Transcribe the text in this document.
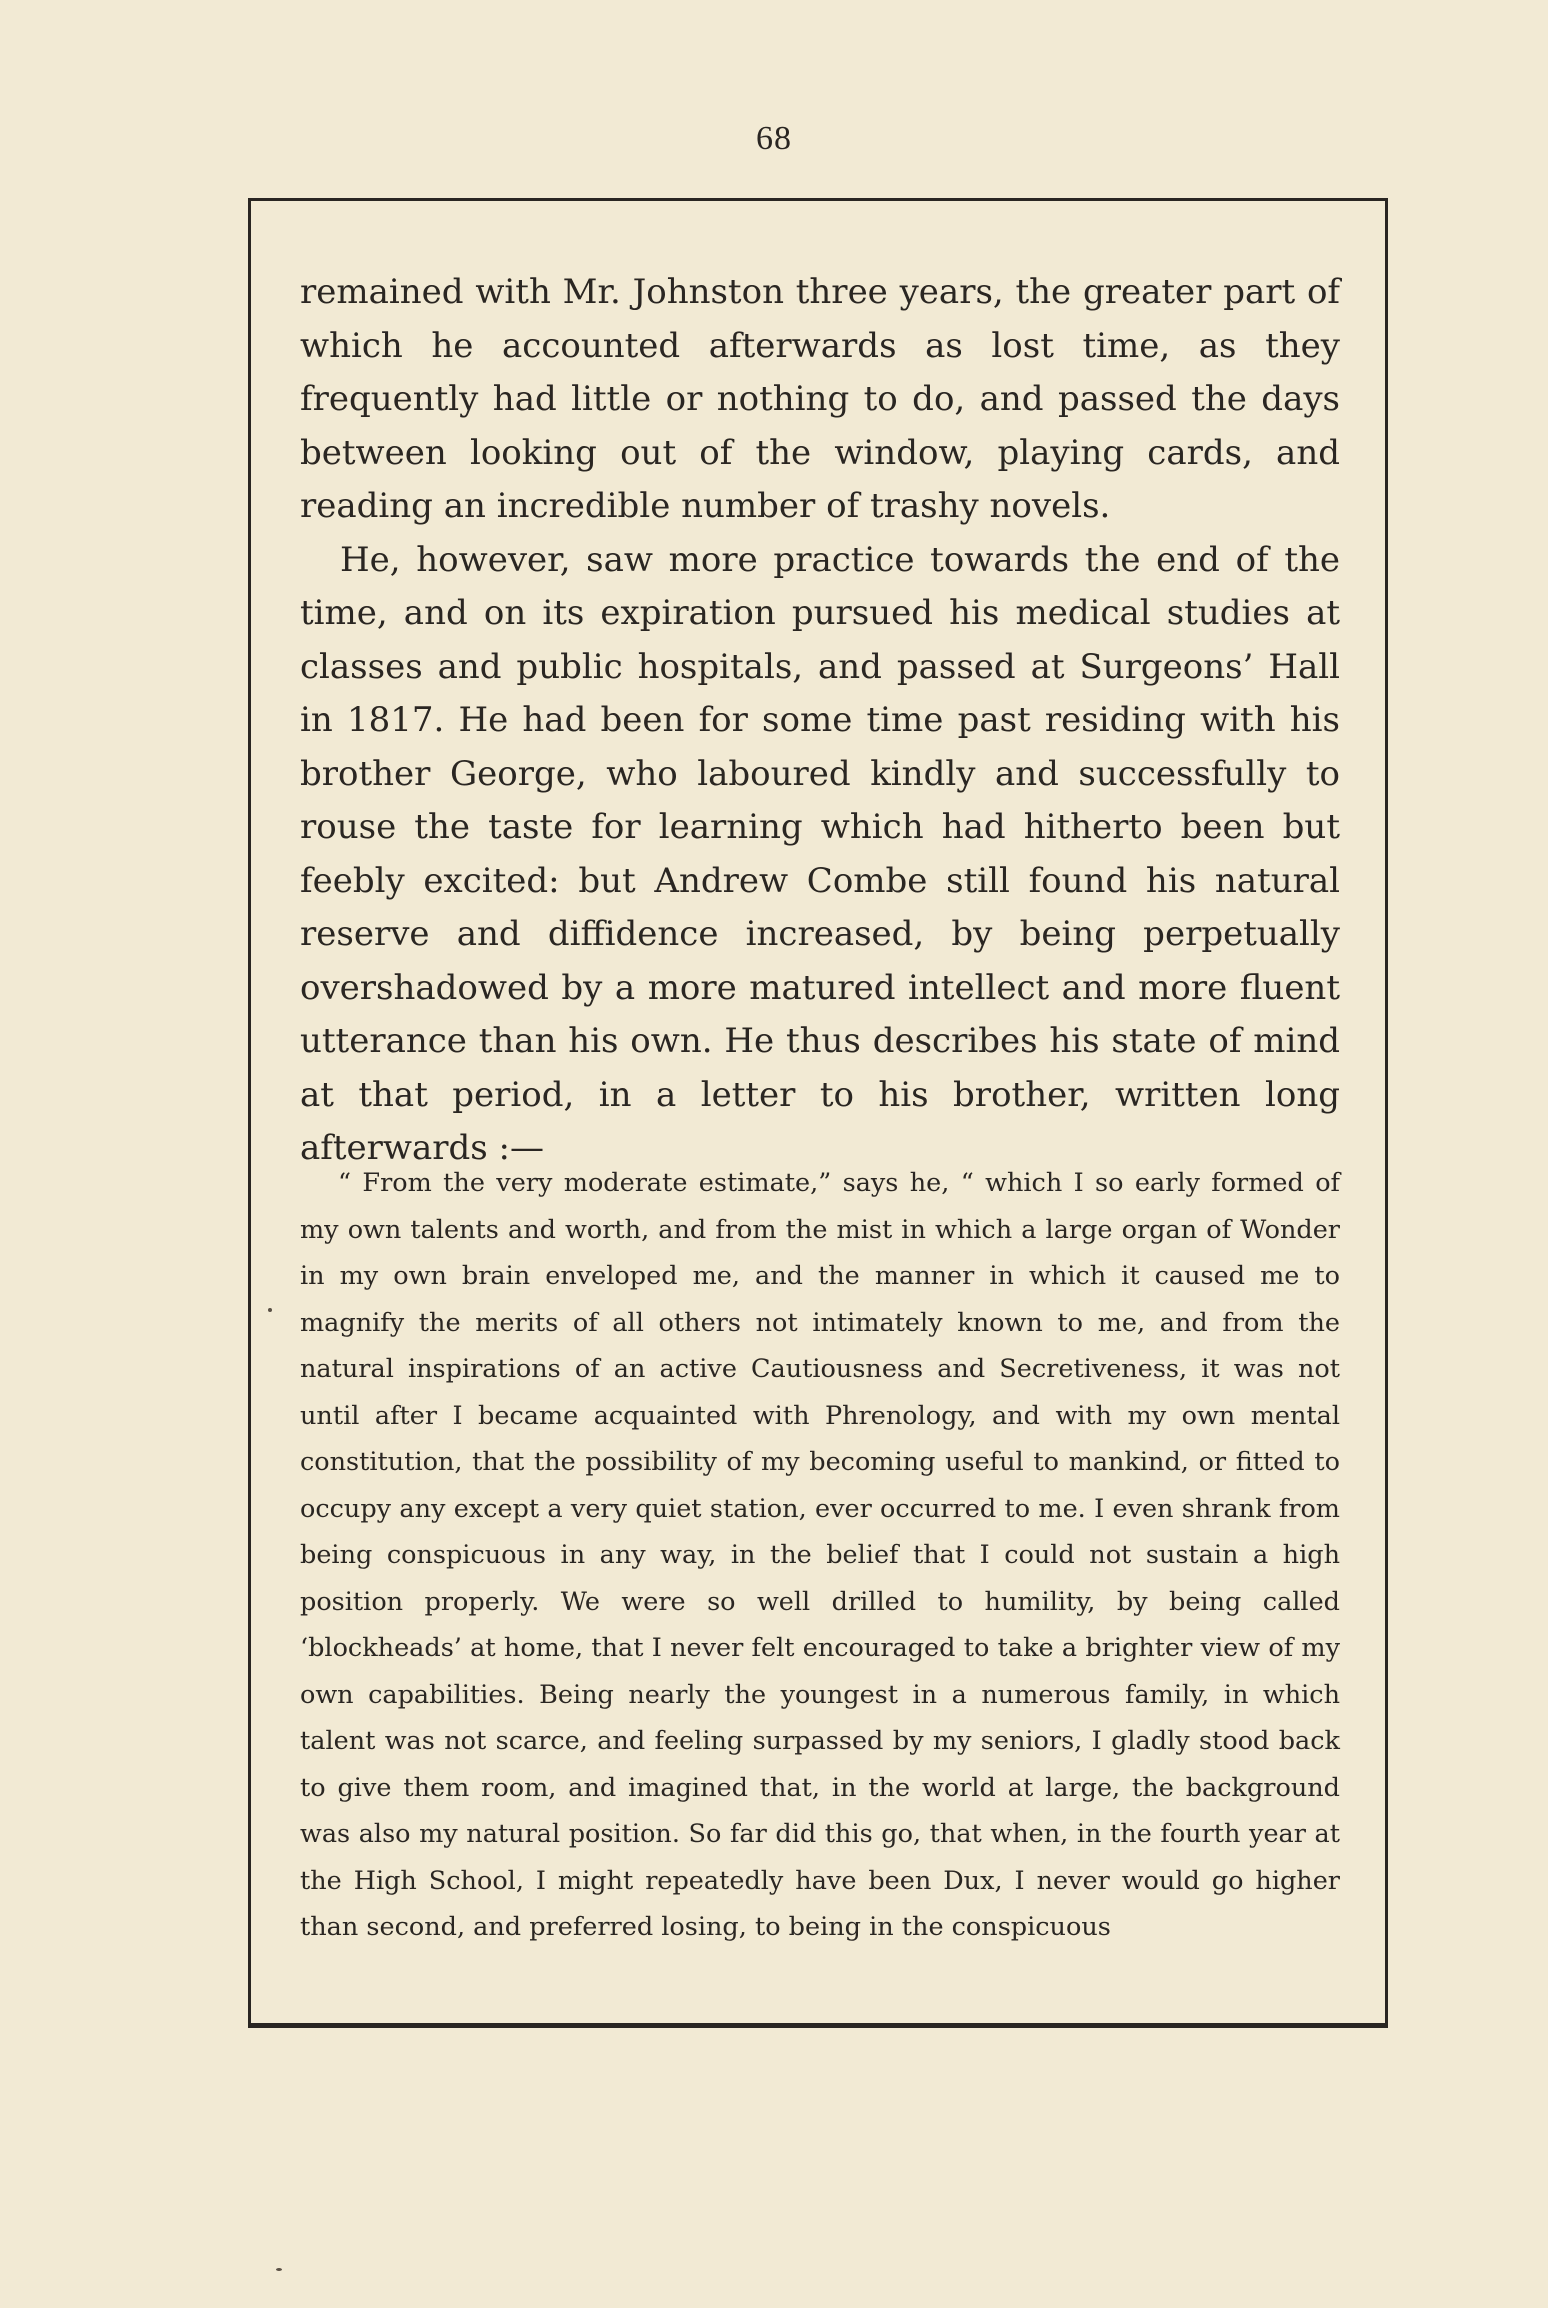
68

remained with Mr. Johnston three years, the greater part of which he accounted afterwards as lost time, as they frequently had little or nothing to do, and passed the days between looking out of the window, playing cards, and reading an incredible number of trashy novels.

He, however, saw more practice towards the end of the time, and on its expiration pursued his medical studies at classes and public hospitals, and passed at Surgeons’ Hall in 1817. He had been for some time past residing with his brother George, who laboured kindly and successfully to rouse the taste for learning which had hitherto been but feebly excited: but Andrew Combe still found his natural reserve and diffidence increased, by being perpetually overshadowed by a more matured intellect and more fluent utterance than his own. He thus describes his state of mind at that period, in a letter to his brother, written long afterwards :—

“ From the very moderate estimate,” says he, “ which I so early formed of my own talents and worth, and from the mist in which a large organ of Wonder in my own brain enveloped me, and the manner in which it caused me to magnify the merits of all others not intimately known to me, and from the natural inspirations of an active Cautiousness and Secretiveness, it was not until after I became acquainted with Phrenology, and with my own mental constitution, that the possibility of my becoming useful to mankind, or fitted to occupy any except a very quiet station, ever occurred to me. I even shrank from being conspicuous in any way, in the belief that I could not sustain a high position properly. We were so well drilled to humility, by being called ‘blockheads’ at home, that I never felt encouraged to take a brighter view of my own capabilities. Being nearly the youngest in a numerous family, in which talent was not scarce, and feeling surpassed by my seniors, I gladly stood back to give them room, and imagined that, in the world at large, the background was also my natural position. So far did this go, that when, in the fourth year at the High School, I might repeatedly have been Dux, I never would go higher than second, and preferred losing, to being in the conspicuous
